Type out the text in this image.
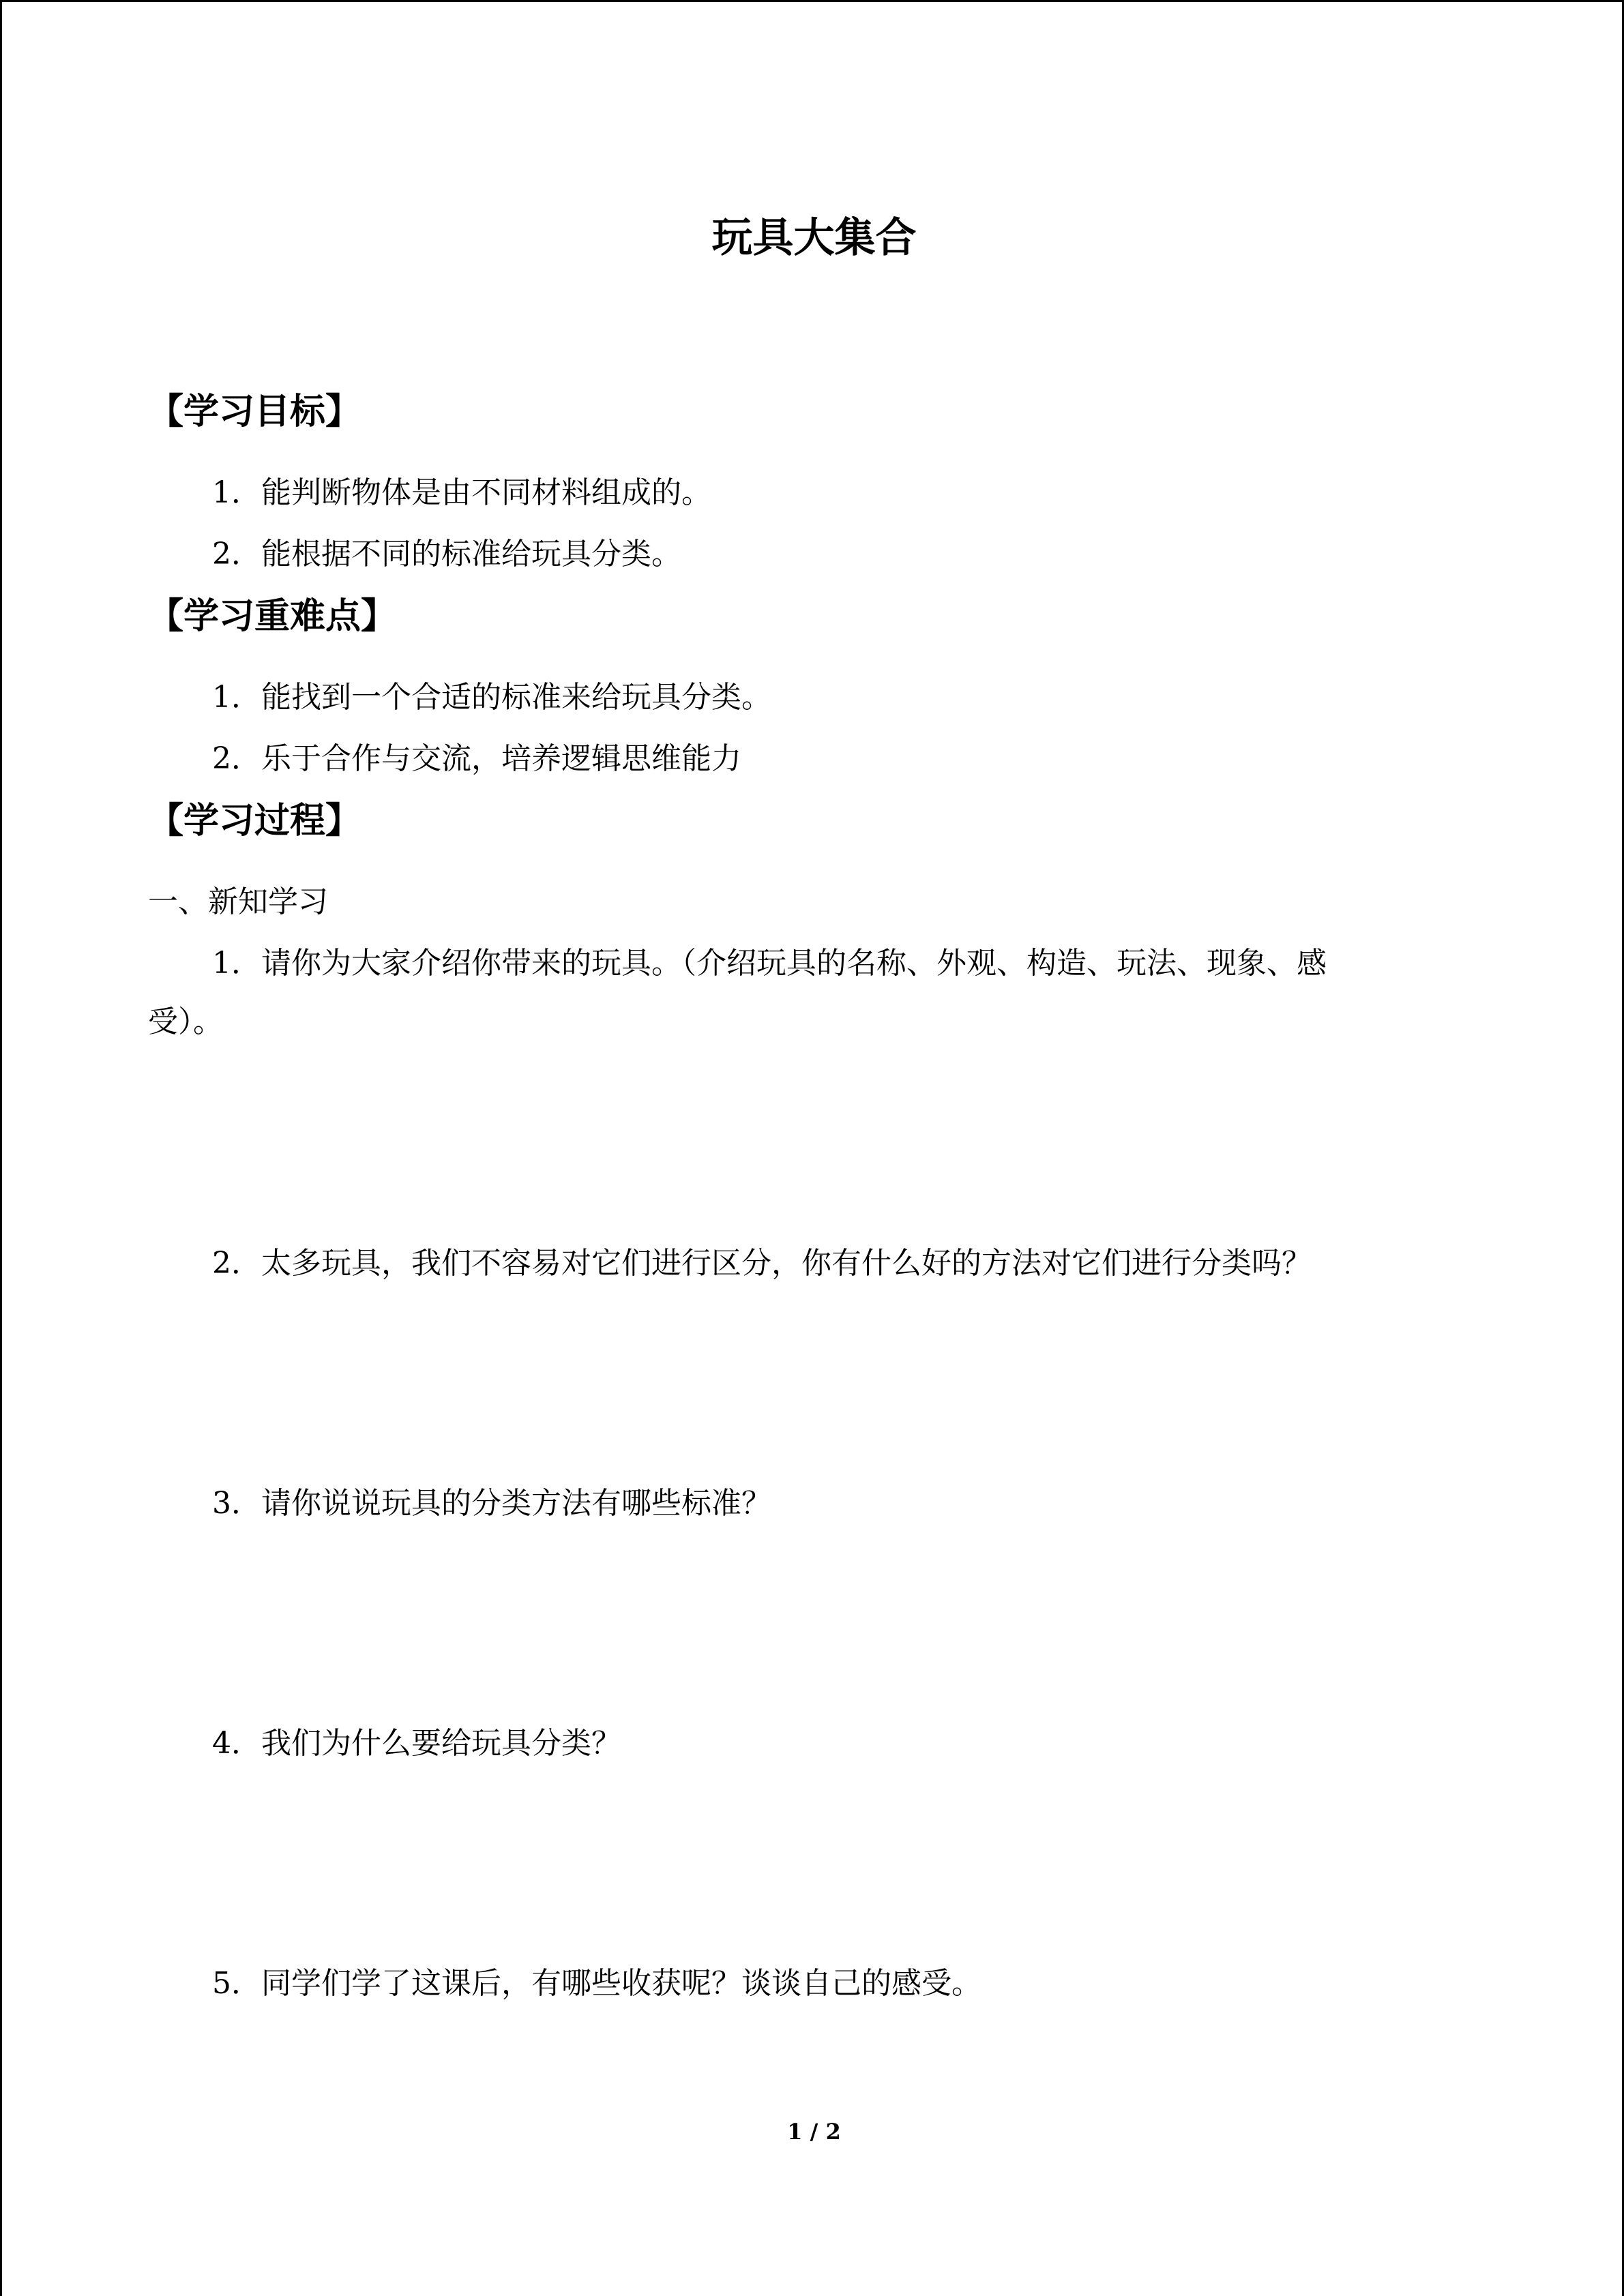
玩具大集合
【学习目标】
1．能判断物体是由不同材料组成的。
2．能根据不同的标准给玩具分类。
【学习重难点】
1．能找到一个合适的标准来给玩具分类。
2．乐于合作与交流，培养逻辑思维能力
【学习过程】
一、新知学习
1．请你为大家介绍你带来的玩具。（介绍玩具的名称、外观、构造、玩法、现象、感
受）。
2．太多玩具，我们不容易对它们进行区分，你有什么好的方法对它们进行分类吗？
3．请你说说玩具的分类方法有哪些标准？
4．我们为什么要给玩具分类？
5．同学们学了这课后，有哪些收获呢？谈谈自己的感受。
1 / 2
